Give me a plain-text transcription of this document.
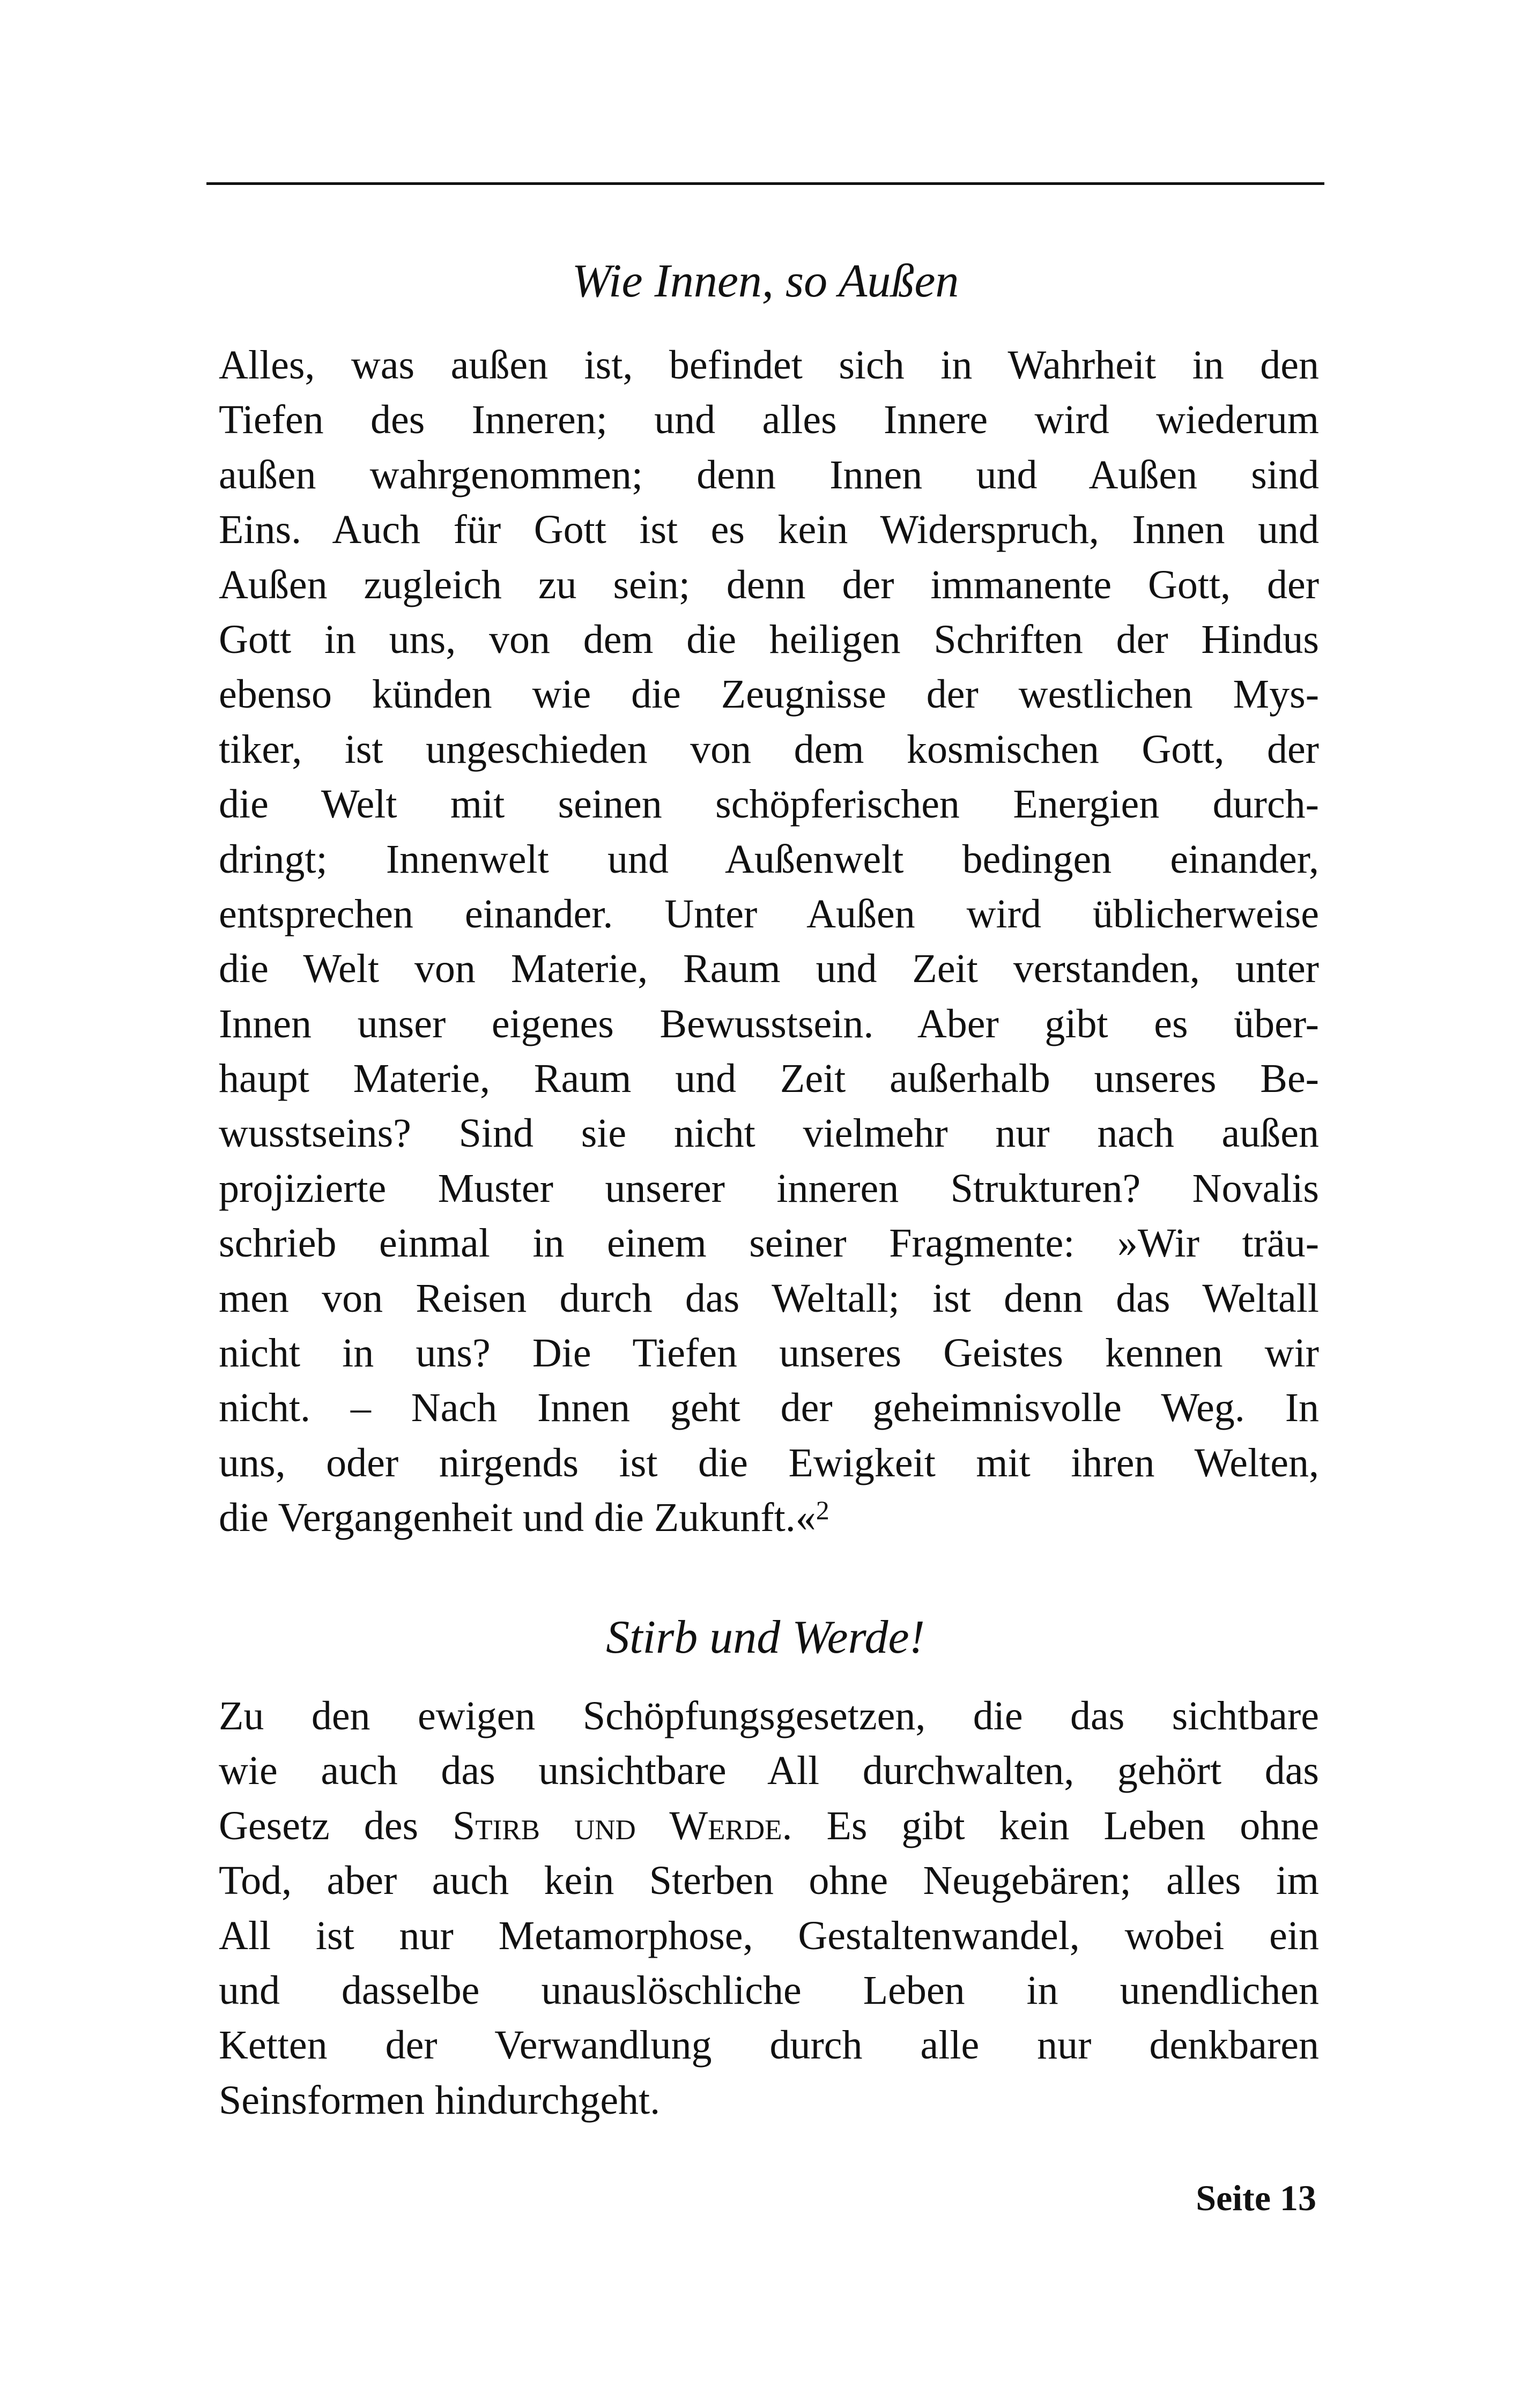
Wie Innen, so Außen
Alles, was außen ist, befindet sich in Wahrheit in den
Tiefen des Inneren; und alles Innere wird wiederum
außen wahrgenommen; denn Innen und Außen sind
Eins. Auch für Gott ist es kein Widerspruch, Innen und
Außen zugleich zu sein; denn der immanente Gott, der
Gott in uns, von dem die heiligen Schriften der Hindus
ebenso künden wie die Zeugnisse der westlichen Mys-
tiker, ist ungeschieden von dem kosmischen Gott, der
die Welt mit seinen schöpferischen Energien durch-
dringt; Innenwelt und Außenwelt bedingen einander,
entsprechen einander. Unter Außen wird üblicherweise
die Welt von Materie, Raum und Zeit verstanden, unter
Innen unser eigenes Bewusstsein. Aber gibt es über-
haupt Materie, Raum und Zeit außerhalb unseres Be-
wusstseins? Sind sie nicht vielmehr nur nach außen
projizierte Muster unserer inneren Strukturen? Novalis
schrieb einmal in einem seiner Fragmente: »Wir träu-
men von Reisen durch das Weltall; ist denn das Weltall
nicht in uns? Die Tiefen unseres Geistes kennen wir
nicht. – Nach Innen geht der geheimnisvolle Weg. In
uns, oder nirgends ist die Ewigkeit mit ihren Welten,
die Vergangenheit und die Zukunft.«$^2$
Stirb und Werde!
Zu den ewigen Schöpfungsgesetzen, die das sichtbare
wie auch das unsichtbare All durchwalten, gehört das
Gesetz des Stirb und Werde. Es gibt kein Leben ohne
Tod, aber auch kein Sterben ohne Neugebären; alles im
All ist nur Metamorphose, Gestaltenwandel, wobei ein
und dasselbe unauslöschliche Leben in unendlichen
Ketten der Verwandlung durch alle nur denkbaren
Seinsformen hindurchgeht.
Seite 13
